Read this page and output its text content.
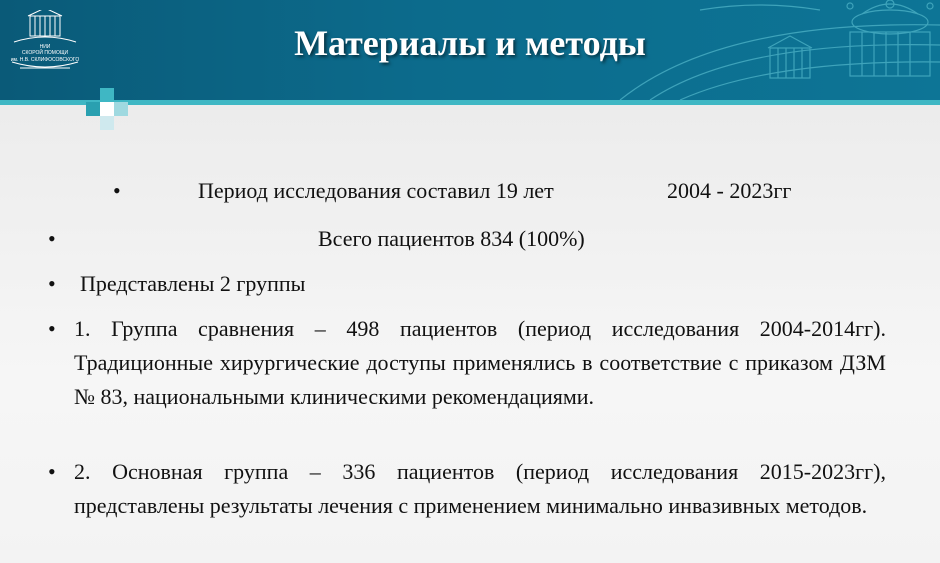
НИИ
СКОРОЙ ПОМОЩИ
им. Н.В. СКЛИФОСОВСКОГО	Материалы и методы
•	Период исследования составил 19 лет	2004 - 2023гг
•	Всего пациентов 834 (100%)
• Представлены 2 группы
• 1. Группа сравнения – 498 пациентов (период исследования 2004-2014гг). Традиционные хирургические доступы применялись в соответствие с приказом ДЗМ № 83, национальными клиническими рекомендациями.
• 2. Основная группа – 336 пациентов (период исследования 2015-2023гг), представлены результаты лечения с применением минимально инвазивных методов.
